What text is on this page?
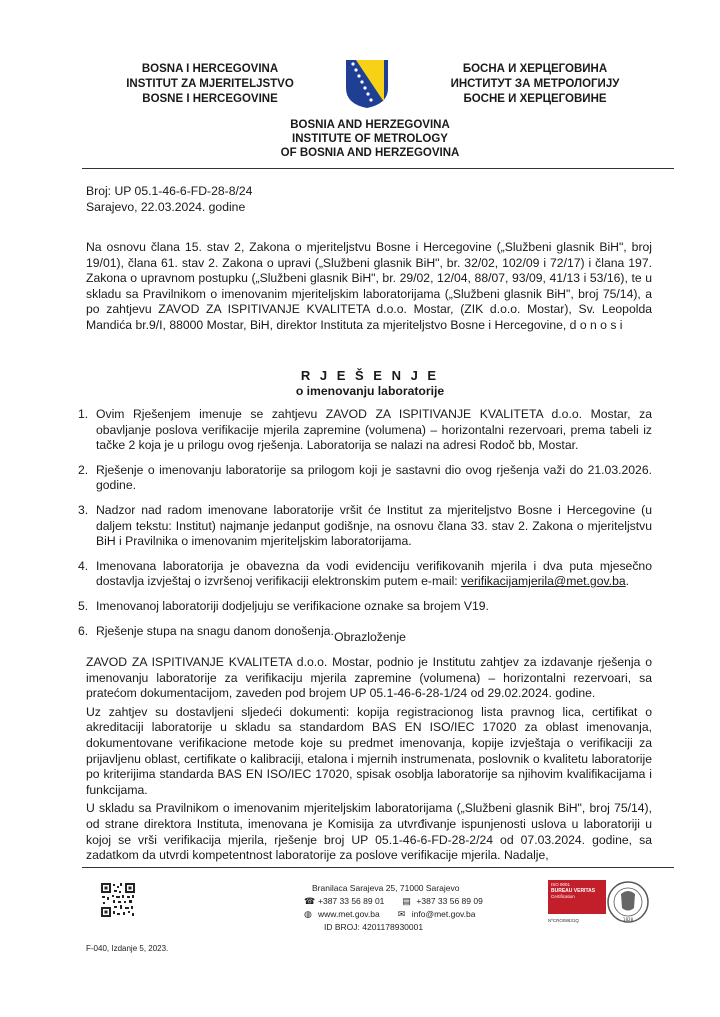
BOSNA I HERCEGOVINA
INSTITUT ZA MJERITELJSTVO
BOSNE I HERCEGOVINE
БОСНА И ХЕРЦЕГОВИНА
ИНСТИТУТ ЗА МЕТРОЛОГИЈУ
БОСНЕ И ХЕРЦЕГОВИНЕ
BOSNIA AND HERZEGOVINA
INSTITUTE OF METROLOGY
OF BOSNIA AND HERZEGOVINA
Broj: UP 05.1-46-6-FD-28-8/24
Sarajevo, 22.03.2024. godine
Na osnovu člana 15. stav 2, Zakona o mjeriteljstvu Bosne i Hercegovine („Službeni glasnik BiH", broj 19/01), člana 61. stav 2. Zakona o upravi („Službeni glasnik BiH", br. 32/02, 102/09 i 72/17) i člana 197. Zakona o upravnom postupku („Službeni glasnik BiH", br. 29/02, 12/04, 88/07, 93/09, 41/13 i 53/16), te u skladu sa Pravilnikom o imenovanim mjeriteljskim laboratorijama („Službeni glasnik BiH", broj 75/14), a po zahtjevu ZAVOD ZA ISPITIVANJE KVALITETA d.o.o. Mostar, (ZIK d.o.o. Mostar), Sv. Leopolda Mandića br.9/I, 88000 Mostar, BiH, direktor Instituta za mjeriteljstvo Bosne i Hercegovine, d o n o s i
R J E Š E N J E
o imenovanju laboratorije
1. Ovim Rješenjem imenuje se zahtjevu ZAVOD ZA ISPITIVANJE KVALITETA d.o.o. Mostar, za obavljanje poslova verifikacije mjerila zapremine (volumena) – horizontalni rezervoari, prema tabeli iz tačke 2 koja je u prilogu ovog rješenja. Laboratorija se nalazi na adresi Rodoč bb, Mostar.
2. Rješenje o imenovanju laboratorije sa prilogom koji je sastavni dio ovog rješenja važi do 21.03.2026. godine.
3. Nadzor nad radom imenovane laboratorije vršit će Institut za mjeriteljstvo Bosne i Hercegovine (u daljem tekstu: Institut) najmanje jedanput godišnje, na osnovu člana 33. stav 2. Zakona o mjeriteljstvu BiH i Pravilnika o imenovanim mjeriteljskim laboratorijama.
4. Imenovana laboratorija je obavezna da vodi evidenciju verifikovanih mjerila i dva puta mjesečno dostavlja izvještaj o izvršenoj verifikaciji elektronskim putem e-mail: verifikacijamjerila@met.gov.ba.
5. Imenovanoj laboratoriji dodjeljuju se verifikacione oznake sa brojem V19.
6. Rješenje stupa na snagu danom donošenja. Obrazloženje

ZAVOD ZA ISPITIVANJE KVALITETA d.o.o. Mostar, podnio je Institutu zahtjev za izdavanje rješenja o imenovanju laboratorije za verifikaciju mjerila zapremine (volumena) – horizontalni rezervoari, sa pratećom dokumentacijom, zaveden pod brojem UP 05.1-46-6-28-1/24 od 29.02.2024. godine.

Uz zahtjev su dostavljeni sljedeći dokumenti: kopija registracionog lista pravnog lica, certifikat o akreditaciji laboratorije u skladu sa standardom BAS EN ISO/IEC 17020 za oblast imenovanja, dokumentovane verifikacione metode koje su predmet imenovanja, kopije izvještaja o verifikaciji za prijavljenu oblast, certifikate o kalibraciji, etalona i mjernih instrumenata, poslovnik o kvalitetu laboratorije po kriterijima standarda BAS EN ISO/IEC 17020, spisak osoblja laboratorije sa njihovim kvalifikacijama i funkcijama.

U skladu sa Pravilnikom o imenovanim mjeriteljskim laboratorijama („Službeni glasnik BiH", broj 75/14), od strane direktora Instituta, imenovana je Komisija za utvrđivanje ispunjenosti uslova u laboratoriji u kojoj se vrši verifikacija mjerila, rješenje broj UP 05.1-46-6-FD-28-2/24 od 07.03.2024. godine, sa zadatkom da utvrdi kompetentnost laboratorije za poslove verifikacije mjerila. Nadalje,

Branilaca Sarajeva 25, 71000 Sarajevo
☎ +387 33 56 89 01 ▤ +387 33 56 89 09
◍ www.met.gov.ba ✉ info@met.gov.ba
ID BROJ: 4201178930001
ISO 9001
BUREAU VERITAS
Certification
1828
NºCRO08631Q
F-040, Izdanje 5, 2023.
